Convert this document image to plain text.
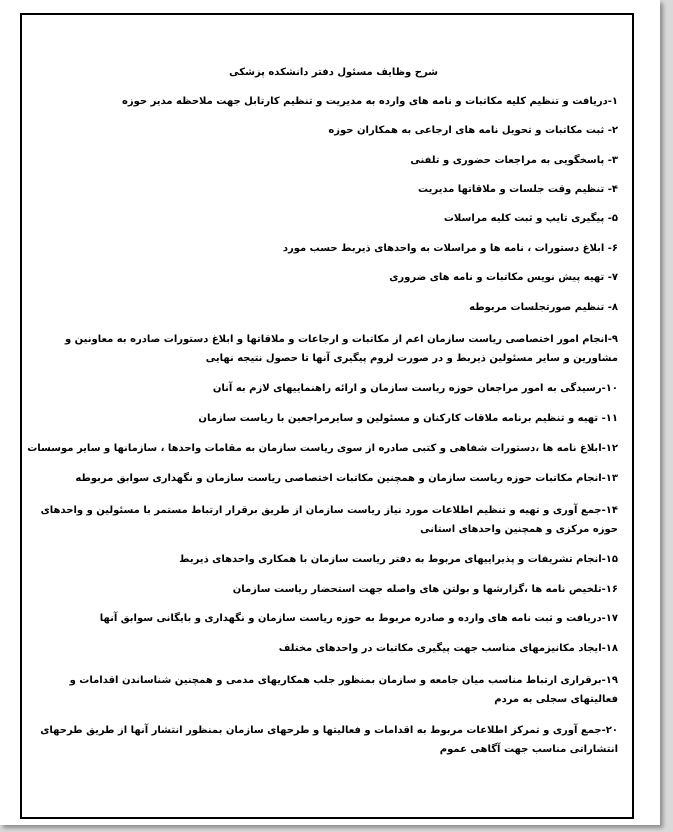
شرح وظایف مسئول دفتر دانشکده پزشکی
۱-دریافت و تنظیم کلیه مکاتبات و نامه های وارده به مدیریت و تنظیم کارتابل جهت ملاحظه مدیر حوزه
۲- ثبت مکاتبات و تحویل نامه های ارجاعی به همکاران حوزه
۳- پاسخگویی به مراجعات حضوری و تلفنی
۴- تنظیم وقت جلسات و ملاقاتها مدیریت
۵- پیگیری تایپ و ثبت کلیه مراسلات
۶- ابلاغ دستورات ، نامه ها و مراسلات به واحدهای ذیربط حسب مورد
۷- تهیه پیش نویس مکاتبات و نامه های ضروری
۸- تنظیم صورتجلسات مربوطه
۹-انجام امور اختصاصی ریاست سازمان اعم از مکاتبات و ارجاعات و ملاقاتها و ابلاغ دستورات صادره به معاونین و مشاورین و سایر مسئولین ذیربط و در صورت لزوم پیگیری آنها تا حصول نتیجه نهایی
۱۰-رسیدگی به امور مراجعان حوزه ریاست سازمان و ارائه راهنماییهای لازم به آنان
۱۱- تهیه و تنظیم برنامه ملاقات کارکنان و مسئولین و سایرمراجعین با ریاست سازمان
۱۲-ابلاغ نامه ها ،دستورات شفاهی و کتبی صادره از سوی ریاست سازمان به مقامات واحدها ، سازمانها و سایر موسسات
۱۳-انجام مکاتبات حوزه ریاست سازمان و همچنین مکاتبات اختصاصی ریاست سازمان و نگهداری سوابق مربوطه
۱۴-جمع آوری و تهیه و تنظیم اطلاعات مورد نیاز ریاست سازمان از طریق برقرار ارتباط مستمر با مسئولین و واحدهای حوزه مرکزی و همچنین واحدهای استانی
۱۵-انجام تشریفات و پذیراییهای مربوط به دفتر ریاست سازمان با همکاری واحدهای ذیربط
۱۶-تلخیص نامه ها ،گزارشها و بولتن های واصله جهت استحضار ریاست سازمان
۱۷-دریافت و ثبت نامه های وارده و صادره مربوط به حوزه ریاست سازمان و نگهداری و بایگانی سوابق آنها
۱۸-ایجاد مکانیزمهای مناسب جهت پیگیری مکاتبات در واحدهای مختلف
۱۹-برقراری ارتباط مناسب میان جامعه و سازمان بمنظور جلب همکاریهای مدمی و همچنین شناساندن اقدامات و فعالیتهای سجلی به مردم
۲۰-جمع آوری و تمرکز اطلاعات مربوط به اقدامات و فعالیتها و طرحهای سازمان بمنظور انتشار آنها از طریق طرحهای انتشاراتی مناسب جهت آگاهی عموم
